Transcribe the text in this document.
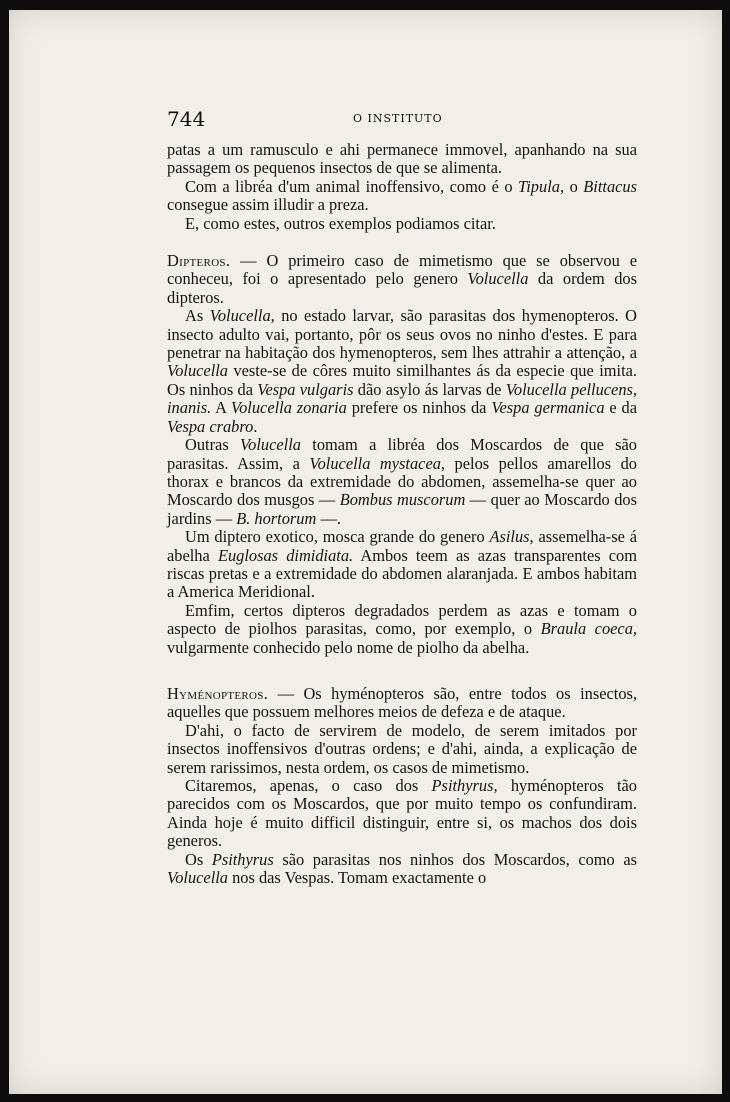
744	O INSTITUTO

patas a um ramusculo e ahi permanece immovel, apanhando na sua passagem os pequenos insectos de que se alimenta.

Com a libréa d'um animal inoffensivo, como é o Tipula, o Bittacus consegue assim illudir a preza.

E, como estes, outros exemplos podiamos citar.

Dipteros. — O primeiro caso de mimetismo que se observou e conheceu, foi o apresentado pelo genero Volucella da ordem dos dipteros.

As Volucella, no estado larvar, são parasitas dos hymenopteros. O insecto adulto vai, portanto, pôr os seus ovos no ninho d'estes. E para penetrar na habitação dos hymenopteros, sem lhes attrahir a attenção, a Volucella veste-se de côres muito similhantes ás da especie que imita. Os ninhos da Vespa vulgaris dão asylo ás larvas de Volucella pellucens, inanis. A Volucella zonaria prefere os ninhos da Vespa germanica e da Vespa crabro.

Outras Volucella tomam a libréa dos Moscardos de que são parasitas. Assim, a Volucella mystacea, pelos pellos amarellos do thorax e brancos da extremidade do abdomen, assemelha-se quer ao Moscardo dos musgos — Bombus muscorum — quer ao Moscardo dos jardins — B. hortorum —.

Um diptero exotico, mosca grande do genero Asilus, assemelha-se á abelha Euglosas dimidiata. Ambos teem as azas transparentes com riscas pretas e a extremidade do abdomen alaranjada. E ambos habitam a America Meridional.

Emfim, certos dipteros degradados perdem as azas e tomam o aspecto de piolhos parasitas, como, por exemplo, o Braula coeca, vulgarmente conhecido pelo nome de piolho da abelha.

Hyménopteros. — Os hyménopteros são, entre todos os insectos, aquelles que possuem melhores meios de defeza e de ataque.

D'ahi, o facto de servirem de modelo, de serem imitados por insectos inoffensivos d'outras ordens; e d'ahi, ainda, a explicação de serem rarissimos, nesta ordem, os casos de mimetismo.

Citaremos, apenas, o caso dos Psithyrus, hyménopteros tão parecidos com os Moscardos, que por muito tempo os confundiram. Ainda hoje é muito difficil distinguir, entre si, os machos dos dois generos.

Os Psithyrus são parasitas nos ninhos dos Moscardos, como as Volucella nos das Vespas. Tomam exactamente o
